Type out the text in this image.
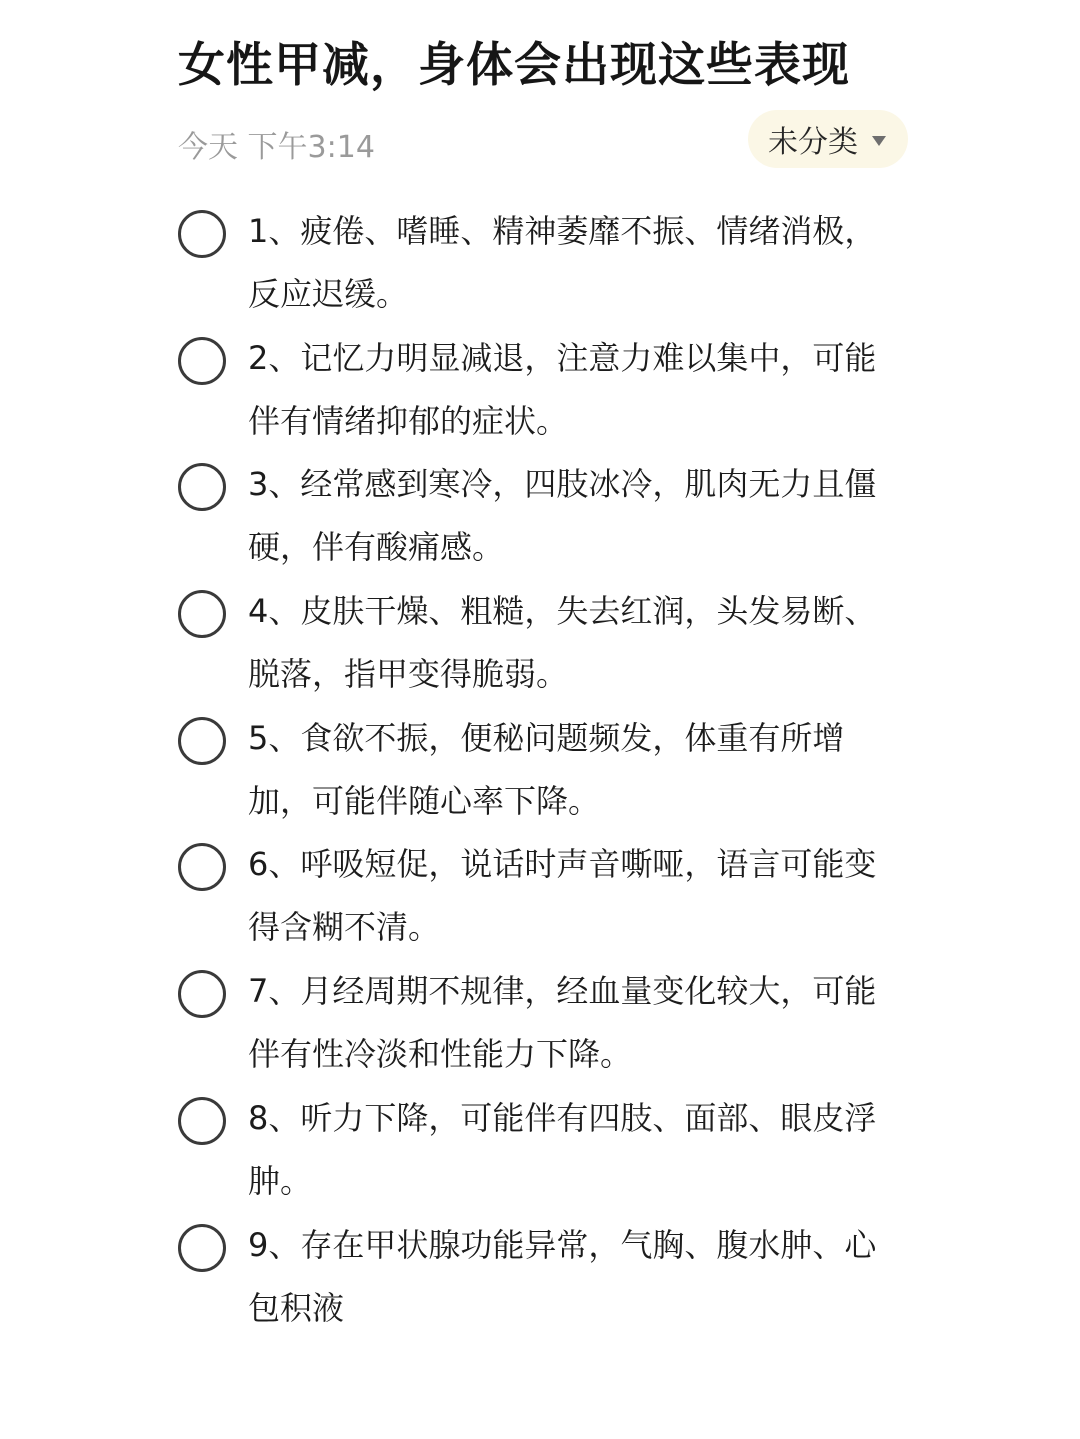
女性甲减，身体会出现这些表现
今天 下午3:14	未分类
1、疲倦、嗜睡、精神萎靡不振、情绪消极，反应迟缓。
2、记忆力明显减退，注意力难以集中，可能伴有情绪抑郁的症状。
3、经常感到寒冷，四肢冰冷，肌肉无力且僵硬，伴有酸痛感。
4、皮肤干燥、粗糙，失去红润，头发易断、脱落，指甲变得脆弱。
5、食欲不振，便秘问题频发，体重有所增加，可能伴随心率下降。
6、呼吸短促，说话时声音嘶哑，语言可能变得含糊不清。
7、月经周期不规律，经血量变化较大，可能伴有性冷淡和性能力下降。
8、听力下降，可能伴有四肢、面部、眼皮浮肿。
9、存在甲状腺功能异常，气胸、腹水肿、心包积液
